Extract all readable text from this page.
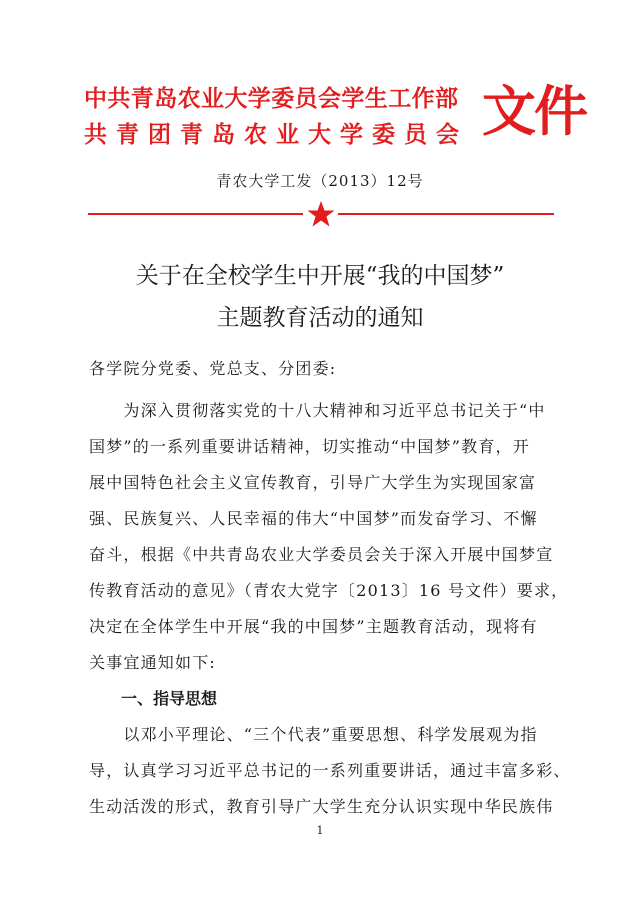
中共青岛农业大学委员会学生工作部
共青团青岛农业大学委员会 文件
青农大学工发（2013）12号
关于在全校学生中开展“我的中国梦”
主题教育活动的通知
各学院分党委、党总支、分团委:
　　为深入贯彻落实党的十八大精神和习近平总书记关于“中
国梦”的一系列重要讲话精神，切实推动“中国梦”教育，开
展中国特色社会主义宣传教育，引导广大学生为实现国家富
强、民族复兴、人民幸福的伟大“中国梦”而发奋学习、不懈
奋斗，根据《中共青岛农业大学委员会关于深入开展中国梦宣
传教育活动的意见》（青农大党字〔2013〕16 号文件）要求，
决定在全体学生中开展“我的中国梦”主题教育活动，现将有
关事宜通知如下:
一、指导思想
　　以邓小平理论、“三个代表”重要思想、科学发展观为指
导，认真学习习近平总书记的一系列重要讲话，通过丰富多彩、
生动活泼的形式，教育引导广大学生充分认识实现中华民族伟
1
